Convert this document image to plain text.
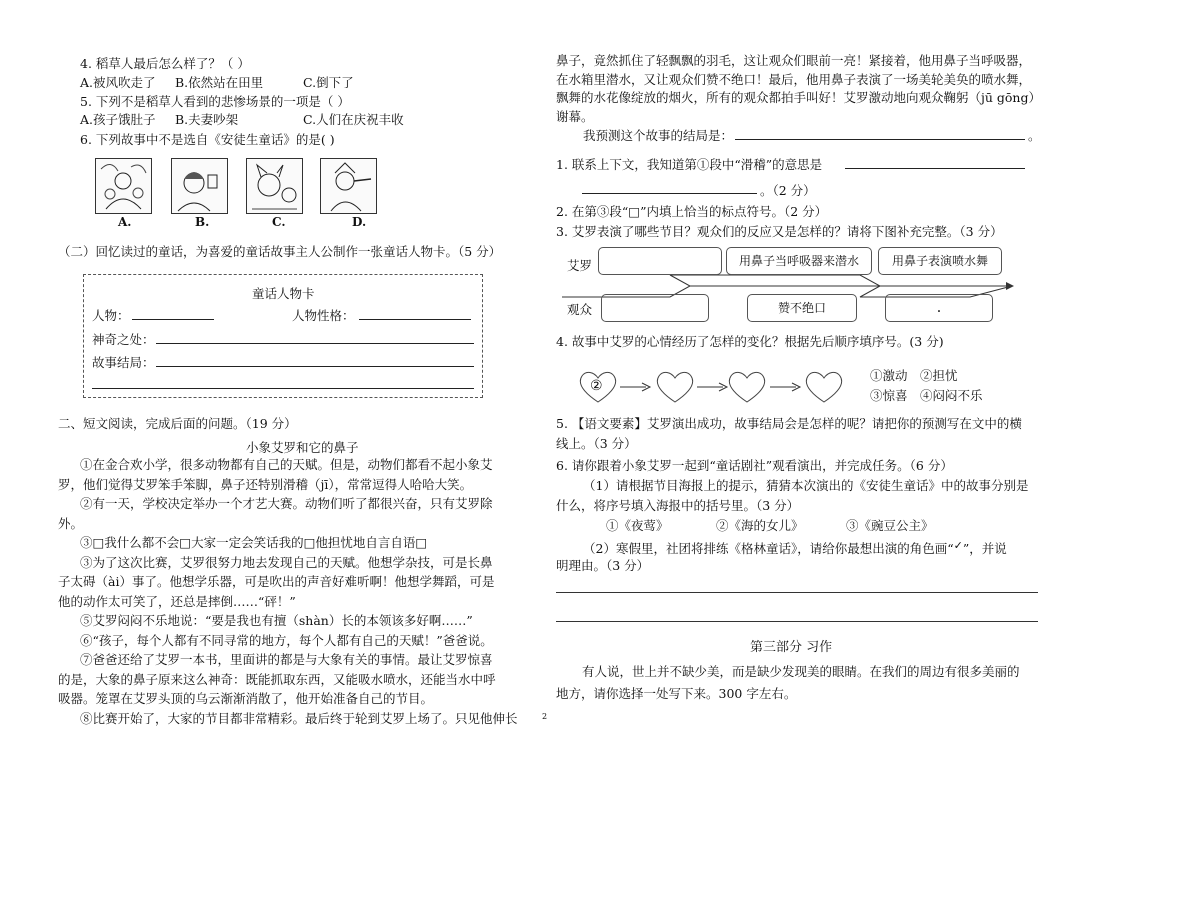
4. 稻草人最后怎么样了？（ ）
A.被风吹走了 B.依然站在田里	C.倒下了
5. 下列不是稻草人看到的悲惨场景的一项是（ ）
A.孩子饿肚子 B.夫妻吵架	C.人们在庆祝丰收
6. 下列故事中不是选自《安徒生童话》的是( )
A.	B.	C.	D.
（二）回忆读过的童话，为喜爱的童话故事主人公制作一张童话人物卡。（5 分）
童话人物卡
人物：	人物性格：
神奇之处：
故事结局：
二、短文阅读，完成后面的问题。（19 分）
小象艾罗和它的鼻子
①在金合欢小学，很多动物都有自己的天赋。但是，动物们都看不起小象艾
罗，他们觉得艾罗笨手笨脚，鼻子还特别滑稽（jī），常常逗得人哈哈大笑。
②有一天，学校决定举办一个才艺大赛。动物们听了都很兴奋，只有艾罗除
外。
③□我什么都不会□大家一定会笑话我的□他担忧地自言自语□
③为了这次比赛，艾罗很努力地去发现自己的天赋。他想学杂技，可是长鼻
子太碍（ài）事了。他想学乐器，可是吹出的声音好难听啊！他想学舞蹈，可是
他的动作太可笑了，还总是摔倒……“砰！”
⑤艾罗闷闷不乐地说：“要是我也有擅（shàn）长的本领该多好啊……”
⑥“孩子，每个人都有不同寻常的地方，每个人都有自己的天赋！”爸爸说。
⑦爸爸还给了艾罗一本书，里面讲的都是与大象有关的事情。最让艾罗惊喜
的是，大象的鼻子原来这么神奇：既能抓取东西，又能吸水喷水，还能当水中呼
吸器。笼罩在艾罗头顶的乌云渐渐消散了，他开始准备自己的节目。
⑧比赛开始了，大家的节目都非常精彩。最后终于轮到艾罗上场了。只见他伸长	2
鼻子，竟然抓住了轻飘飘的羽毛，这让观众们眼前一亮！紧接着，他用鼻子当呼吸器，
在水箱里潜水，又让观众们赞不绝口！最后，他用鼻子表演了一场美轮美奂的喷水舞，
飘舞的水花像绽放的烟火，所有的观众都拍手叫好！艾罗激动地向观众鞠躬（jū gōng）
谢幕。
我预测这个故事的结局是：	。
1. 联系上下文，我知道第①段中“滑稽”的意思是
。（2 分）
2. 在第③段“□”内填上恰当的标点符号。（2 分）
3. 艾罗表演了哪些节目？观众们的反应又是怎样的？请将下图补充完整。（3 分）
艾罗
观众
用鼻子当呼吸器来潜水	用鼻子表演喷水舞
赞不绝口	.
4. 故事中艾罗的心情经历了怎样的变化？根据先后顺序填序号。(3 分)
②
①激动 ②担忧
③惊喜 ④闷闷不乐
5. 【语文要素】艾罗演出成功，故事结局会是怎样的呢？请把你的预测写在文中的横
线上。（3 分）
6. 请你跟着小象艾罗一起到“童话剧社”观看演出，并完成任务。（6 分）
（1）请根据节目海报上的提示，猜猜本次演出的《安徒生童话》中的故事分别是
什么，将序号填入海报中的括号里。（3 分）
①《夜莺》	②《海的女儿》	③《豌豆公主》
（2）寒假里，社团将排练《格林童话》，请给你最想出演的角色画“✓”，并说
明理由。（3 分）
第三部分 习作
有人说，世上并不缺少美，而是缺少发现美的眼睛。在我们的周边有很多美丽的
地方，请你选择一处写下来。300 字左右。
